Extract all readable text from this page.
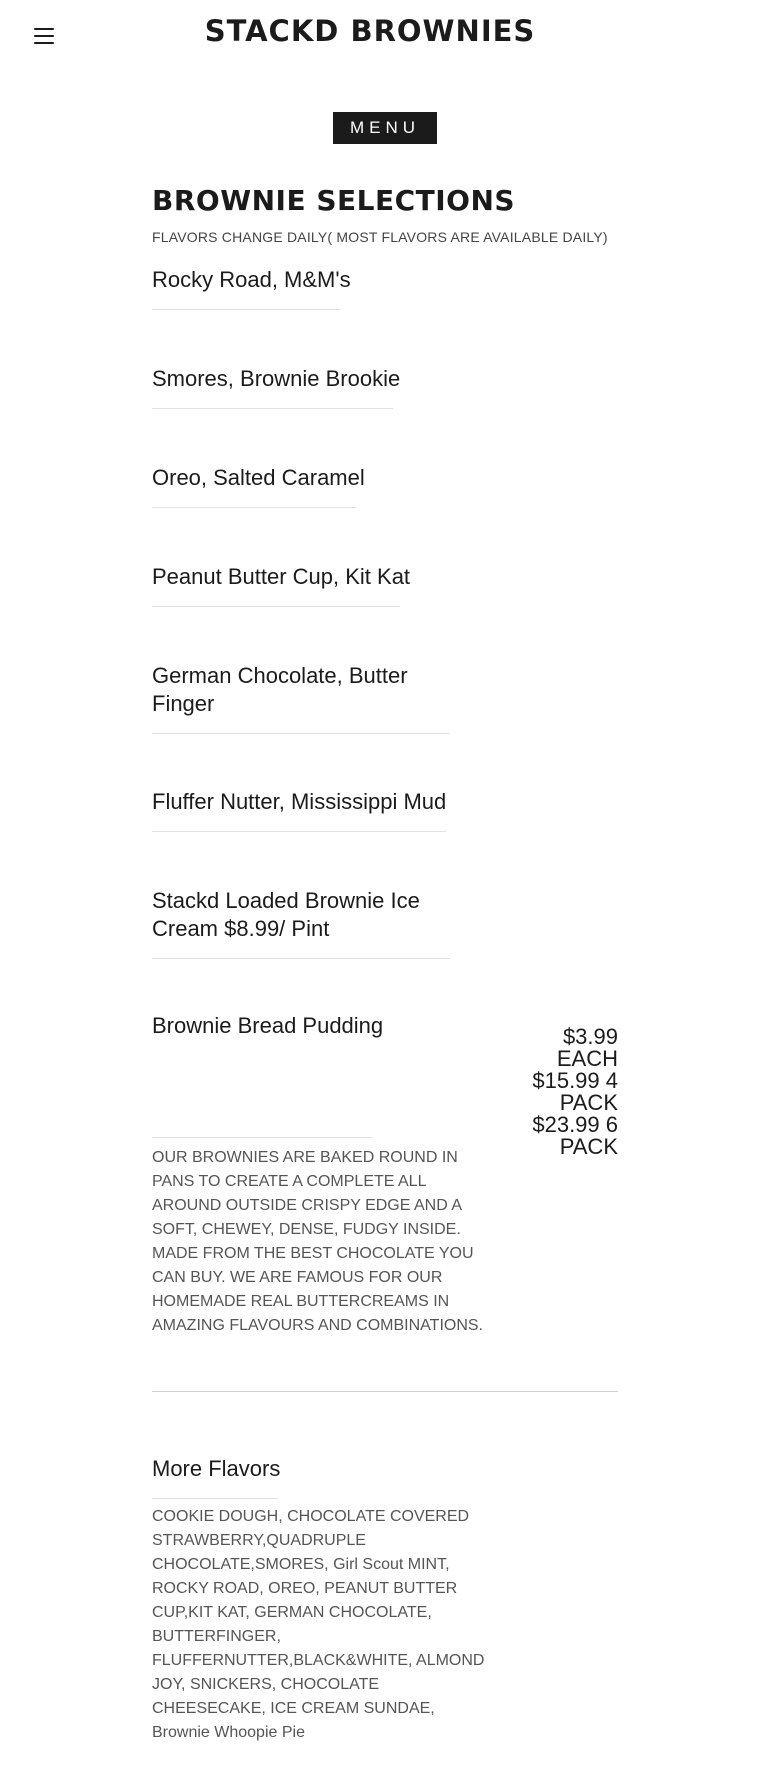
STACKD BROWNIES
MENU
BROWNIE SELECTIONS
FLAVORS CHANGE DAILY( MOST FLAVORS ARE AVAILABLE DAILY)
Rocky Road, M&M's
Smores, Brownie Brookie
Oreo, Salted Caramel
Peanut Butter Cup, Kit Kat
German Chocolate, Butter Finger
Fluffer Nutter, Mississippi Mud
Stackd Loaded Brownie Ice Cream $8.99/ Pint
Brownie Bread Pudding	$3.99 EACH $15.99 4 PACK $23.99 6 PACK
OUR BROWNIES ARE BAKED ROUND IN PANS TO CREATE A COMPLETE ALL AROUND OUTSIDE CRISPY EDGE AND A SOFT, CHEWEY, DENSE, FUDGY INSIDE. MADE FROM THE BEST CHOCOLATE YOU CAN BUY. WE ARE FAMOUS FOR OUR HOMEMADE REAL BUTTERCREAMS IN AMAZING FLAVOURS AND COMBINATIONS.
More Flavors
COOKIE DOUGH, CHOCOLATE COVERED STRAWBERRY,QUADRUPLE CHOCOLATE,SMORES, Girl Scout MINT, ROCKY ROAD, OREO, PEANUT BUTTER CUP,KIT KAT, GERMAN CHOCOLATE, BUTTERFINGER, FLUFFERNUTTER,BLACK&WHITE, ALMOND JOY, SNICKERS, CHOCOLATE CHEESECAKE, ICE CREAM SUNDAE, Brownie Whoopie Pie
